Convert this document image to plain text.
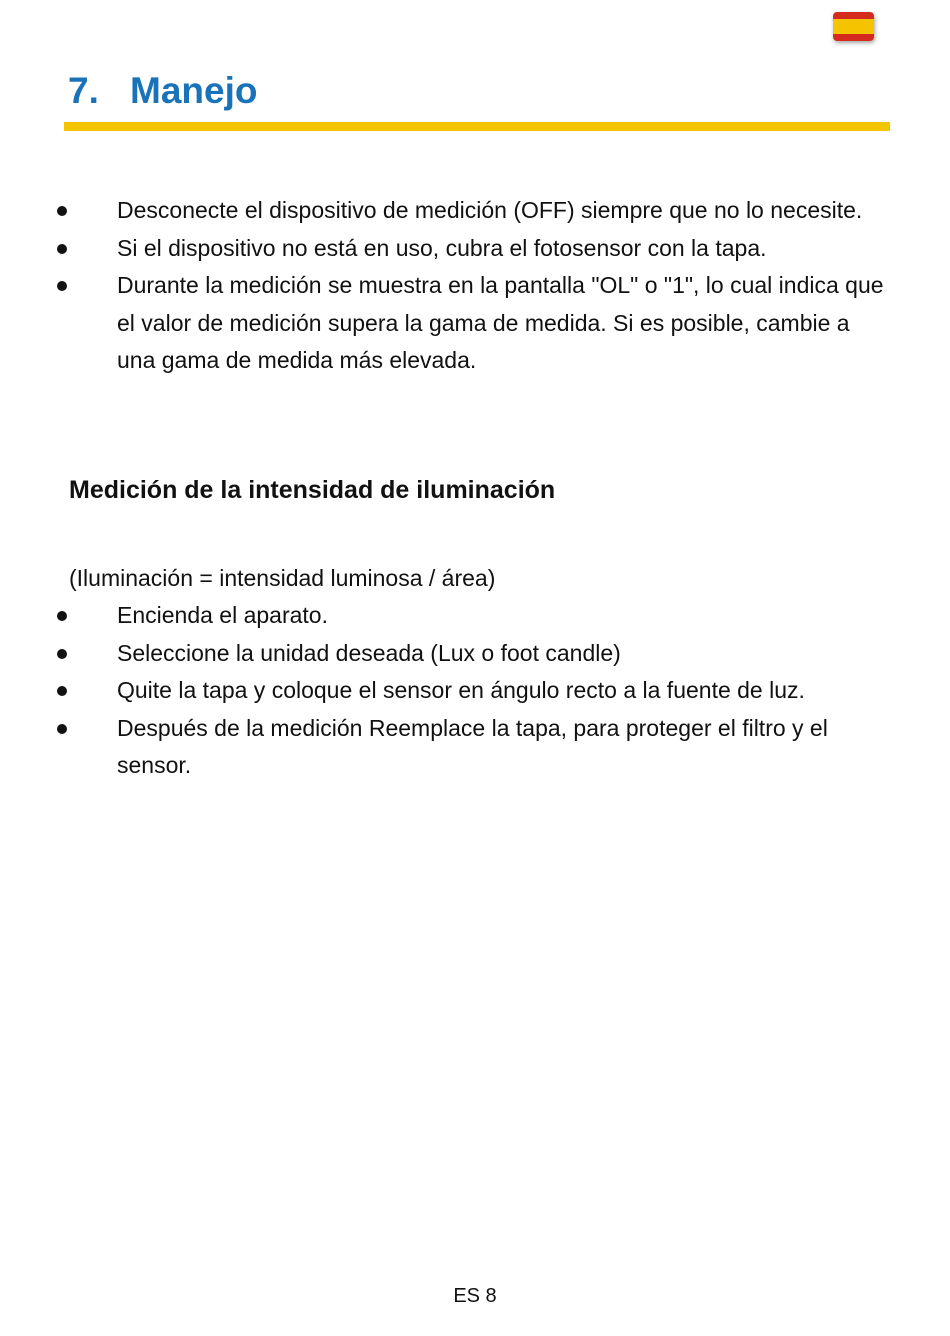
7. Manejo
Desconecte el dispositivo de medición (OFF) siempre que no lo necesite.
Si el dispositivo no está en uso, cubra el fotosensor con la tapa.
Durante la medición se muestra en la pantalla "OL" o "1", lo cual indica que el valor de medición supera la gama de medida. Si es posible, cambie a una gama de medida más elevada.
Medición de la intensidad de iluminación

(Iluminación = intensidad luminosa / área)

Encienda el aparato.
Seleccione la unidad deseada (Lux o foot candle)
Quite la tapa y coloque el sensor en ángulo recto a la fuente de luz.
Después de la medición Reemplace la tapa, para proteger el filtro y el sensor.
ES 8
